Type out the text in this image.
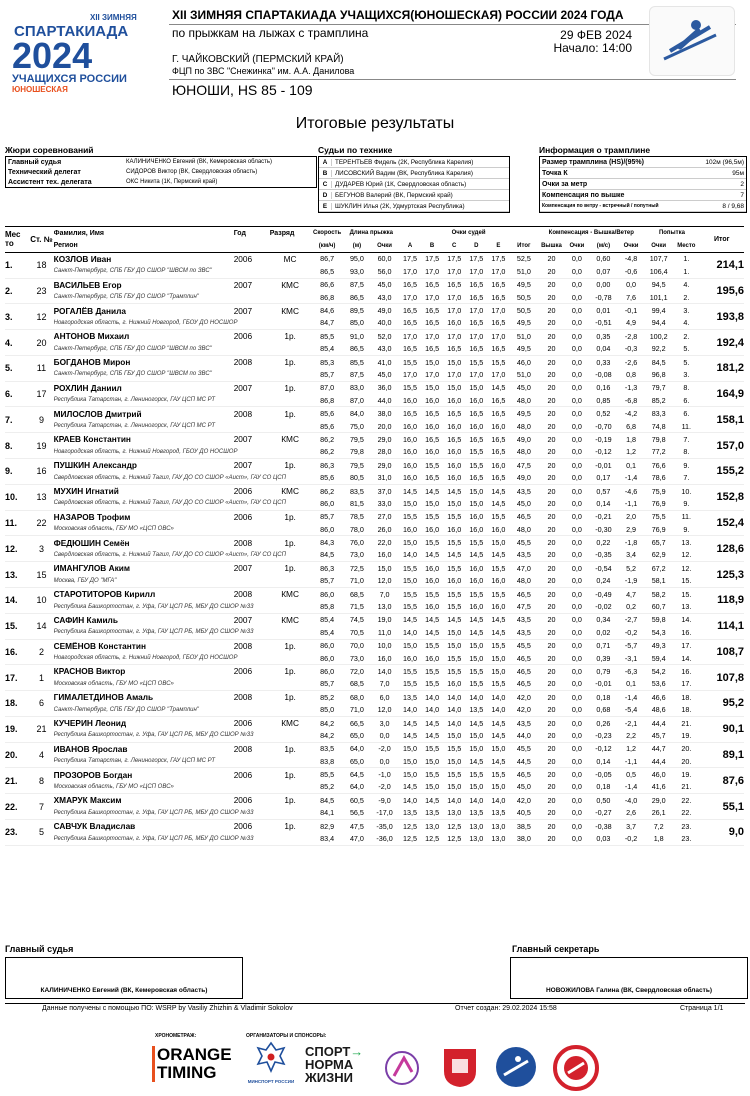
XII ЗИМНЯЯ
СПАРТАКИАДА
2024
УЧАЩИХСЯ РОССИИ
ЮНОШЕСКАЯ
XII ЗИМНЯЯ СПАРТАКИАДА УЧАЩИХСЯ(ЮНОШЕСКАЯ) РОССИИ 2024 ГОДА
по прыжкам на лыжах с трамплина	29 ФЕВ 2024
Начало: 14:00
Г. ЧАЙКОВСКИЙ (ПЕРМСКИЙ КРАЙ)
ФЦП по ЗВС "Снежинка" им. А.А. Данилова
ЮНОШИ, HS 85 - 109
Итоговые результаты
Жюри соревнований
Главный судья	КАЛИНИЧЕНКО Евгений (ВК, Кемеровская область)
Технический делегат	СИДОРОВ Виктор (ВК, Свердловская область)
Ассистент тех. делегата	ОКС Никита (1К, Пермский край)
Судьи по технике
A	ТЕРЕНТЬЕВ Фидель (2К, Республика Карелия)
B	ЛИСОВСКИЙ Вадим (ВК, Республика Карелия)
C	ДУДАРЕВ Юрий (1К, Свердловская область)
D	БЕГУНОВ Валерий (ВК, Пермский край)
E	ШУКЛИН Илья (2К, Удмуртская Республика)
Информация о трамплине
Размер трамплина (HS)/(95%)	102м (96,5м)
Точка К	95м
Очки за метр	2
Компенсация по вышке	7
Компенсация по ветру - встречный / попутный	8 / 9,68
Мес то	Ст. №	Фамилия, Имя	Год	Разряд	Скорость	Длина прыжка		Очки судей						Компенсация - Вышка/Ветер				Попытка		Итог
		Регион			(км/ч)	(м)	Очки	A	B	C	D	E	Итог	Вышка	Очки	(м/с)	Очки	Очки	Место	
1.	18	КОЗЛОВ Иван	2006	МС	86,7	95,0	60,0	17,5	17,5	17,5	17,5	17,5	52,5	20	0,0	0,60	-4,8	107,7	1.	214,1
		Санкт-Петербург, СПБ ГБУ ДО СШОР "ШВСМ по ЗВС"			86,5	93,0	56,0	17,0	17,0	17,0	17,0	17,0	51,0	20	0,0	0,07	-0,6	106,4	1.	
2.	23	ВАСИЛЬЕВ Егор	2007	КМС	86,6	87,5	45,0	16,5	16,5	16,5	16,5	16,5	49,5	20	0,0	0,00	0,0	94,5	4.	195,6
		Санкт-Петербург, СПБ ГБУ ДО СШОР "Трамплин"			86,8	86,5	43,0	17,0	17,0	17,0	16,5	16,5	50,5	20	0,0	-0,78	7,6	101,1	2.	
3.	12	РОГАЛЁВ Данила	2007	КМС	84,6	89,5	49,0	16,5	16,5	17,0	17,0	17,0	50,5	20	0,0	0,01	-0,1	99,4	3.	193,8
		Новгородская область, г. Нижний Новгород, ГБОУ ДО НОСШОР			84,7	85,0	40,0	16,5	16,5	16,0	16,5	16,5	49,5	20	0,0	-0,51	4,9	94,4	4.	
4.	20	АНТОНОВ Михаил	2006	1р.	85,5	91,0	52,0	17,0	17,0	17,0	17,0	17,0	51,0	20	0,0	0,35	-2,8	100,2	2.	192,4
		Санкт-Петербург, СПБ ГБУ ДО СШОР "ШВСМ по ЗВС"			85,4	86,5	43,0	16,5	16,5	16,5	16,5	16,5	49,5	20	0,0	0,04	-0,3	92,2	5.	
5.	11	БОГДАНОВ Мирон	2008	1р.	85,3	85,5	41,0	15,5	15,0	15,0	15,5	15,5	46,0	20	0,0	0,33	-2,6	84,5	5.	181,2
		Санкт-Петербург, СПБ ГБУ ДО СШОР "ШВСМ по ЗВС"			85,7	87,5	45,0	17,0	17,0	17,0	17,0	17,0	51,0	20	0,0	-0,08	0,8	96,8	3.	
6.	17	РОХЛИН Даниил	2007	1р.	87,0	83,0	36,0	15,5	15,0	15,0	15,0	14,5	45,0	20	0,0	0,16	-1,3	79,7	8.	164,9
		Республика Татарстан, г. Лениногорск, ГАУ ЦСП МС РТ			86,8	87,0	44,0	16,0	16,0	16,0	16,0	16,5	48,0	20	0,0	0,85	-6,8	85,2	6.	
7.	9	МИЛОСЛОВ Дмитрий	2008	1р.	85,6	84,0	38,0	16,5	16,5	16,5	16,5	16,5	49,5	20	0,0	0,52	-4,2	83,3	6.	158,1
		Республика Татарстан, г. Лениногорск, ГАУ ЦСП МС РТ			85,6	75,0	20,0	16,0	16,0	16,0	16,0	16,0	48,0	20	0,0	-0,70	6,8	74,8	11.	
8.	19	КРАЕВ Константин	2007	КМС	86,2	79,5	29,0	16,0	16,5	16,5	16,5	16,5	49,0	20	0,0	-0,19	1,8	79,8	7.	157,0
		Новгородская область, г. Нижний Новгород, ГБОУ ДО НОСШОР			86,2	79,8	28,0	16,0	16,0	16,0	15,5	16,5	48,0	20	0,0	-0,12	1,2	77,2	8.	
9.	16	ПУШКИН Александр	2007	1р.	86,3	79,5	29,0	16,0	15,5	16,0	15,5	16,0	47,5	20	0,0	-0,01	0,1	76,6	9.	155,2
		Свердловская область, г. Нижний Тагил, ГАУ ДО СО СШОР «Аист», ГАУ СО ЦСП			85,6	80,5	31,0	16,0	16,5	16,0	16,5	16,5	49,0	20	0,0	0,17	-1,4	78,6	7.	
10.	13	МУХИН Игнатий	2006	КМС	86,2	83,5	37,0	14,5	14,5	14,5	15,0	14,5	43,5	20	0,0	0,57	-4,6	75,9	10.	152,8
		Свердловская область, г. Нижний Тагил, ГАУ ДО СО СШОР «Аист», ГАУ СО ЦСП			86,0	81,5	33,0	15,0	15,0	15,0	15,0	14,5	45,0	20	0,0	0,14	-1,1	76,9	9.	
11.	22	НАЗАРОВ Трофим	2006	1р.	85,7	78,5	27,0	15,5	15,5	15,5	16,0	15,5	46,5	20	0,0	-0,21	2,0	75,5	11.	152,4
		Московская область, ГБУ МО «ЦСП ОВС»			86,0	78,0	26,0	16,0	16,0	16,0	16,0	16,0	48,0	20	0,0	-0,30	2,9	76,9	9.	
12.	3	ФЕДЮШИН Семён	2008	1р.	84,3	76,0	22,0	15,0	15,5	15,5	15,5	15,0	45,5	20	0,0	0,22	-1,8	65,7	13.	128,6
		Свердловская область, г. Нижний Тагил, ГАУ ДО СО СШОР «Аист», ГАУ СО ЦСП			84,5	73,0	16,0	14,0	14,5	14,5	14,5	14,5	43,5	20	0,0	-0,35	3,4	62,9	12.	
13.	15	ИМАНГУЛОВ Аким	2007	1р.	86,3	72,5	15,0	15,5	16,0	15,5	16,0	15,5	47,0	20	0,0	-0,54	5,2	67,2	12.	125,3
		Москва, ГБУ ДО "МГА"			85,7	71,0	12,0	15,0	16,0	16,0	16,0	16,0	48,0	20	0,0	0,24	-1,9	58,1	15.	
14.	10	СТАРОТИТОРОВ Кирилл	2008	КМС	86,0	68,5	7,0	15,5	15,5	15,5	15,5	15,5	46,5	20	0,0	-0,49	4,7	58,2	15.	118,9
		Республика Башкортостан, г. Уфа, ГАУ ЦСП РБ, МБУ ДО СШОР №33			85,8	71,5	13,0	15,5	16,0	15,5	16,0	16,0	47,5	20	0,0	-0,02	0,2	60,7	13.	
15.	14	САФИН Камиль	2007	КМС	85,4	74,5	19,0	14,5	14,5	14,5	14,5	14,5	43,5	20	0,0	0,34	-2,7	59,8	14.	114,1
		Республика Башкортостан, г. Уфа, ГАУ ЦСП РБ, МБУ ДО СШОР №33			85,4	70,5	11,0	14,0	14,5	15,0	14,5	14,5	43,5	20	0,0	0,02	-0,2	54,3	16.	
16.	2	СЕМЁНОВ Константин	2008	1р.	86,0	70,0	10,0	15,0	15,5	15,0	15,0	15,5	45,5	20	0,0	0,71	-5,7	49,3	17.	108,7
		Новгородская область, г. Нижний Новгород, ГБОУ ДО НОСШОР			86,0	73,0	16,0	16,0	16,0	15,5	15,0	15,0	46,5	20	0,0	0,39	-3,1	59,4	14.	
17.	1	КРАСНОВ Виктор	2006	1р.	86,0	72,0	14,0	15,5	15,5	15,5	15,5	15,0	46,5	20	0,0	0,79	-6,3	54,2	16.	107,8
		Московская область, ГБУ МО «ЦСП ОВС»			85,7	68,5	7,0	15,5	15,5	16,0	15,5	15,5	46,5	20	0,0	-0,01	0,1	53,6	17.	
18.	6	ГИМАЛЕТДИНОВ Амаль	2008	1р.	85,2	68,0	6,0	13,5	14,0	14,0	14,0	14,0	42,0	20	0,0	0,18	-1,4	46,6	18.	95,2
		Санкт-Петербург, СПБ ГБУ ДО СШОР "Трамплин"			85,0	71,0	12,0	14,0	14,0	14,0	13,5	14,0	42,0	20	0,0	0,68	-5,4	48,6	18.	
19.	21	КУЧЕРИН Леонид	2006	КМС	84,2	66,5	3,0	14,5	14,5	14,0	14,5	14,5	43,5	20	0,0	0,26	-2,1	44,4	21.	90,1
		Республика Башкортостан, г. Уфа, ГАУ ЦСП РБ, МБУ ДО СШОР №33			84,2	65,0	0,0	14,5	14,5	15,0	15,0	14,5	44,0	20	0,0	-0,23	2,2	45,7	19.	
20.	4	ИВАНОВ Ярослав	2008	1р.	83,5	64,0	-2,0	15,0	15,5	15,5	15,0	15,0	45,5	20	0,0	-0,12	1,2	44,7	20.	89,1
		Республика Татарстан, г. Лениногорск, ГАУ ЦСП МС РТ			83,8	65,0	0,0	15,0	15,0	15,0	14,5	14,5	44,5	20	0,0	0,14	-1,1	44,4	20.	
21.	8	ПРОЗОРОВ Богдан	2006	1р.	85,5	64,5	-1,0	15,0	15,5	15,5	15,5	15,5	46,5	20	0,0	-0,05	0,5	46,0	19.	87,6
		Московская область, ГБУ МО «ЦСП ОВС»			85,2	64,0	-2,0	14,5	15,0	15,0	15,0	15,0	45,0	20	0,0	0,18	-1,4	41,6	21.	
22.	7	ХМАРУК Максим	2006	1р.	84,5	60,5	-9,0	14,0	14,5	14,0	14,0	14,0	42,0	20	0,0	0,50	-4,0	29,0	22.	55,1
		Республика Башкортостан, г. Уфа, ГАУ ЦСП РБ, МБУ ДО СШОР №33			84,1	56,5	-17,0	13,5	13,5	13,0	13,5	13,5	40,5	20	0,0	-0,27	2,6	26,1	22.	
23.	5	САВЧУК Владислав	2006	1р.	82,9	47,5	-35,0	12,5	13,0	12,5	13,0	13,0	38,5	20	0,0	-0,38	3,7	7,2	23.	9,0
		Республика Башкортостан, г. Уфа, ГАУ ЦСП РБ, МБУ ДО СШОР №33			83,4	47,0	-36,0	12,5	12,5	12,5	13,0	13,0	38,0	20	0,0	0,03	-0,2	1,8	23.	
Главный судья
КАЛИНИЧЕНКО Евгений (ВК, Кемеровская область)
Главный секретарь
НОВОЖИЛОВА Галина (ВК, Свердловская область)
Данные получены с помощью ПО: WSRP by Vasiliy Zhizhin & Vladimir Sokolov	Отчет создан: 29.02.2024 15:58	Страница 1/1
ХРОНОМЕТРАЖ:	ОРГАНИЗАТОРЫ И СПОНСОРЫ:
ORANGE
TIMING	МИНСПОРТ РОССИИ
СПОРТ→
НОРМА
ЖИЗНИ
